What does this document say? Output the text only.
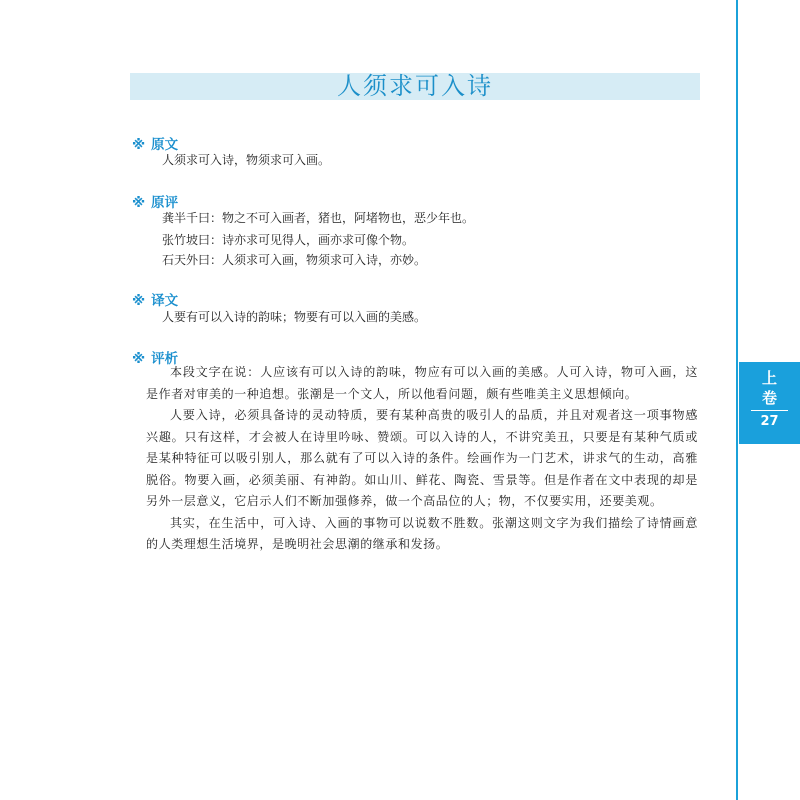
上
卷
27
人须求可入诗
※ 原文
人须求可入诗，物须求可入画。
※ 原评
龚半千曰：物之不可入画者，猪也，阿堵物也，恶少年也。
张竹坡曰：诗亦求可见得人，画亦求可像个物。
石天外曰：人须求可入画，物须求可入诗，亦妙。
※ 译文
人要有可以入诗的韵味；物要有可以入画的美感。
※ 评析

本段文字在说：人应该有可以入诗的韵味，物应有可以入画的美感。人可入诗，物可入画，这是作者对审美的一种追想。张潮是一个文人，所以他看问题，颇有些唯美主义思想倾向。

人要入诗，必须具备诗的灵动特质，要有某种高贵的吸引人的品质，并且对观者这一项事物感兴趣。只有这样，才会被人在诗里吟咏、赞颂。可以入诗的人，不讲究美丑，只要是有某种气质或是某种特征可以吸引别人，那么就有了可以入诗的条件。绘画作为一门艺术，讲求气的生动，高雅脱俗。物要入画，必须美丽、有神韵。如山川、鲜花、陶瓷、雪景等。但是作者在文中表现的却是另外一层意义，它启示人们不断加强修养，做一个高品位的人；物，不仅要实用，还要美观。

其实，在生活中，可入诗、入画的事物可以说数不胜数。张潮这则文字为我们描绘了诗情画意的人类理想生活境界，是晚明社会思潮的继承和发扬。
